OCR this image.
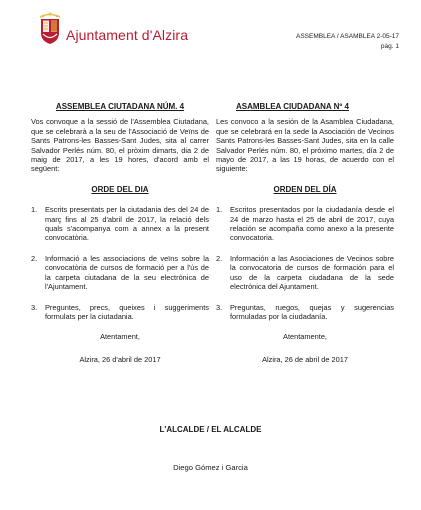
Ajuntament d'Alzira	ASSEMBLEA / ASAMBLEA 2-05-17
pàg. 1
ASSEMBLEA CIUTADANA NÚM. 4

Vos convoque a la sessió de l'Assemblea Ciutadana, que se celebrarà a la seu de l'Associació de Veïns de Sants Patrons-les Basses-Sant Judes, sita al carrer Salvador Perlés núm. 80, el pròxim dimarts, dia 2 de maig de 2017, a les 19 hores, d'acord amb el següent:

ORDE DEL DIA
1.	Escrits presentats per la ciutadania des del 24 de març fins al 25 d'abril de 2017, la relació dels quals s'acompanya com a annex a la present convocatòria.
2.	Informació a les associacions de veïns sobre la convocatòria de cursos de formació per a l'ús de la carpeta ciutadana de la seu electrònica de l'Ajuntament.
3.	Preguntes, precs, queixes i suggeriments formulats per la ciutadania.
Atentament,
Alzira, 26 d'abril de 2017
ASAMBLEA CIUDADANA Nº 4

Les convoco a la sesión de la Asamblea Ciudadana, que se celebrará en la sede la Asociación de Vecinos Sants Patrons-les Basses-Sant Judes, sita en la calle Salvador Perlés núm. 80, el próximo martes, día 2 de mayo de 2017, a las 19 horas, de acuerdo con el siguiente:

ORDEN DEL DÍA
1.	Escritos presentados por la ciudadanía desde el 24 de marzo hasta el 25 de abril de 2017, cuya relación se acompaña como anexo a la presente convocatoria.
2.	Información a las Asociaciones de Vecinos sobre la convocatoria de cursos de formación para el uso de la carpeta ciudadana de la sede electrónica del Ajuntament.
3.	Preguntas, ruegos, quejas y sugerencias formuladas por la ciudadanía.
Atentamente,
Alzira, 26 de abril de 2017
L'ALCALDE / EL ALCALDE
Diego Gómez i Garcia
